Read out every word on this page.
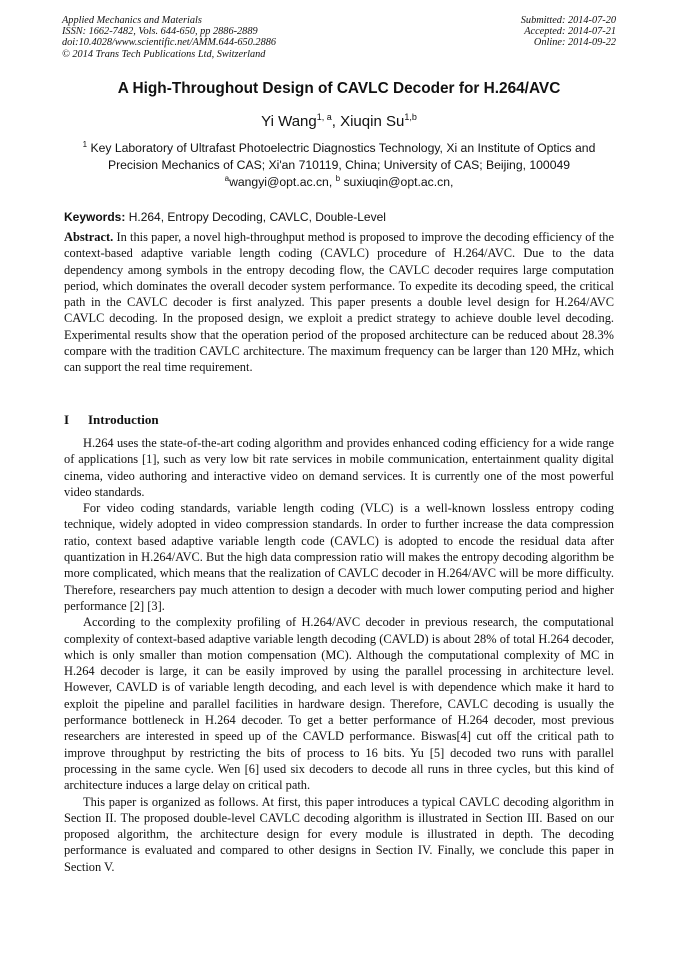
Applied Mechanics and Materials
ISSN: 1662-7482, Vols. 644-650, pp 2886-2889
doi:10.4028/www.scientific.net/AMM.644-650.2886
© 2014 Trans Tech Publications Ltd, Switzerland
Submitted: 2014-07-20
Accepted: 2014-07-21
Online: 2014-09-22
A High-Throughout Design of CAVLC Decoder for H.264/AVC
Yi Wang$^{1, a}$, Xiuqin Su$^{1,b}$
$^1$ Key Laboratory of Ultrafast Photoelectric Diagnostics Technology, Xi an Institute of Optics and Precision Mechanics of CAS; Xi'an 710119, China; University of CAS; Beijing, 100049
$^a$wangyi@opt.ac.cn, $^b$ suxiuqin@opt.ac.cn,
Keywords: H.264, Entropy Decoding, CAVLC, Double-Level

Abstract. In this paper, a novel high-throughput method is proposed to improve the decoding efficiency of the context-based adaptive variable length coding (CAVLC) procedure of H.264/AVC. Due to the data dependency among symbols in the entropy decoding flow, the CAVLC decoder requires large computation period, which dominates the overall decoder system performance. To expedite its decoding speed, the critical path in the CAVLC decoder is first analyzed. This paper presents a double level design for H.264/AVC CAVLC decoding. In the proposed design, we exploit a predict strategy to achieve double level decoding. Experimental results show that the operation period of the proposed architecture can be reduced about 28.3% compare with the tradition CAVLC architecture. The maximum frequency can be larger than 120 MHz, which can support the real time requirement.

I Introduction

H.264 uses the state-of-the-art coding algorithm and provides enhanced coding efficiency for a wide range of applications [1], such as very low bit rate services in mobile communication, entertainment quality digital cinema, video authoring and interactive video on demand services. It is currently one of the most powerful video standards.

For video coding standards, variable length coding (VLC) is a well-known lossless entropy coding technique, widely adopted in video compression standards. In order to further increase the data compression ratio, context based adaptive variable length code (CAVLC) is adopted to encode the residual data after quantization in H.264/AVC. But the high data compression ratio will makes the entropy decoding algorithm be more complicated, which means that the realization of CAVLC decoder in H.264/AVC will be more difficulty. Therefore, researchers pay much attention to design a decoder with much lower computing period and higher performance [2] [3].

According to the complexity profiling of H.264/AVC decoder in previous research, the computational complexity of context-based adaptive variable length decoding (CAVLD) is about 28% of total H.264 decoder, which is only smaller than motion compensation (MC). Although the computational complexity of MC in H.264 decoder is large, it can be easily improved by using the parallel processing in architecture level. However, CAVLD is of variable length decoding, and each level is with dependence which make it hard to exploit the pipeline and parallel facilities in hardware design. Therefore, CAVLC decoding is usually the performance bottleneck in H.264 decoder. To get a better performance of H.264 decoder, most previous researchers are interested in speed up of the CAVLD performance. Biswas[4] cut off the critical path to improve throughput by restricting the bits of process to 16 bits. Yu [5] decoded two runs with parallel processing in the same cycle. Wen [6] used six decoders to decode all runs in three cycles, but this kind of architecture induces a large delay on critical path.

This paper is organized as follows. At first, this paper introduces a typical CAVLC decoding algorithm in Section II. The proposed double-level CAVLC decoding algorithm is illustrated in Section III. Based on our proposed algorithm, the architecture design for every module is illustrated in depth. The decoding performance is evaluated and compared to other designs in Section IV. Finally, we conclude this paper in Section V.
